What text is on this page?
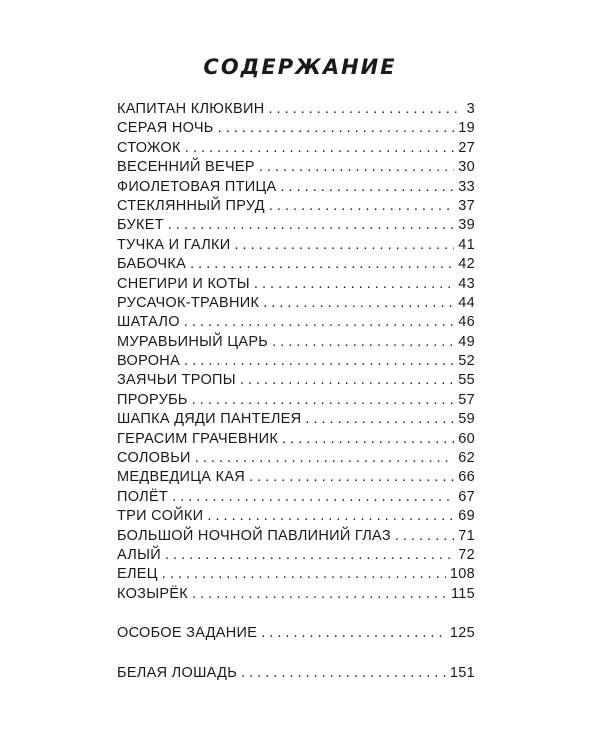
СОДЕРЖАНИЕ
КАПИТАН КЛЮКВИН . . .	3
СЕРАЯ НОЧЬ . . .	19
СТОЖОК . . .	27
ВЕСЕННИЙ ВЕЧЕР . . .	30
ФИОЛЕТОВАЯ ПТИЦА . . .	33
СТЕКЛЯННЫЙ ПРУД . . .	37
БУКЕТ . . .	39
ТУЧКА И ГАЛКИ . . .	41
БАБОЧКА . . .	42
СНЕГИРИ И КОТЫ . . .	43
РУСАЧОК-ТРАВНИК . . .	44
ШАТАЛО . . .	46
МУРАВЬИНЫЙ ЦАРЬ . . .	49
ВОРОНА . . .	52
ЗАЯЧЬИ ТРОПЫ . . .	55
ПРОРУБЬ . . .	57
ШАПКА ДЯДИ ПАНТЕЛЕЯ . . .	59
ГЕРАСИМ ГРАЧЕВНИК . . .	60
СОЛОВЬИ . . .	62
МЕДВЕДИЦА КАЯ . . .	66
ПОЛЁТ . . .	67
ТРИ СОЙКИ . . .	69
БОЛЬШОЙ НОЧНОЙ ПАВЛИНИЙ ГЛАЗ . . .	71
АЛЫЙ . . .	72
ЕЛЕЦ . . .	108
КОЗЫРЁК . . .	115
ОСОБОЕ ЗАДАНИЕ . . .	125
БЕЛАЯ ЛОШАДЬ . . .	151
